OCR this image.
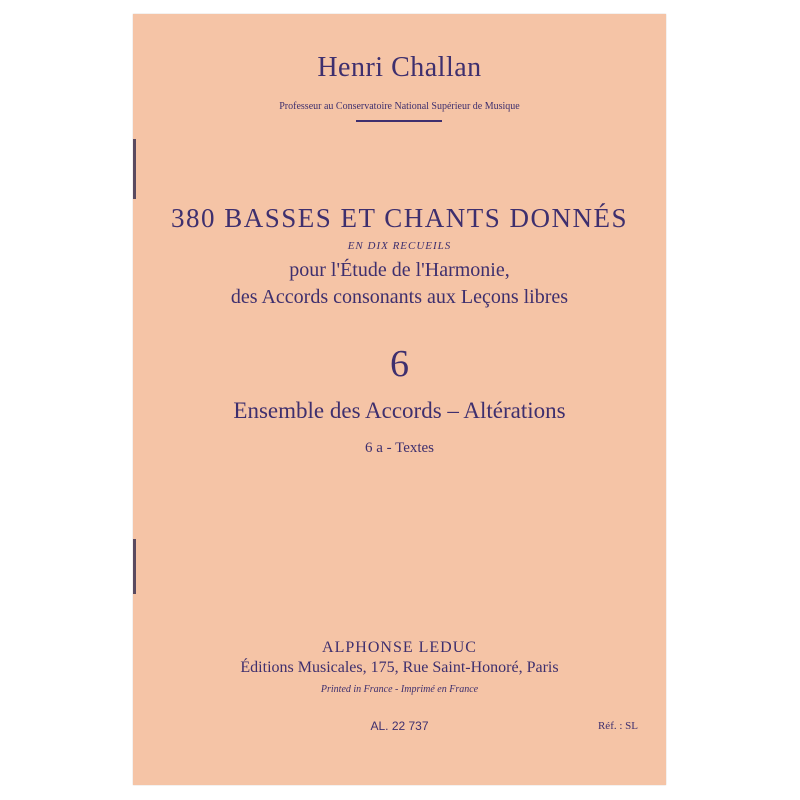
Henri Challan
Professeur au Conservatoire National Supérieur de Musique
380 BASSES ET CHANTS DONNÉS
EN DIX RECUEILS
pour l'Étude de l'Harmonie,
des Accords consonants aux Leçons libres
6
Ensemble des Accords – Altérations
6 a - Textes
ALPHONSE LEDUC
Éditions Musicales, 175, Rue Saint-Honoré, Paris
Printed in France - Imprimé en France
AL. 22 737	Réf. : SL
